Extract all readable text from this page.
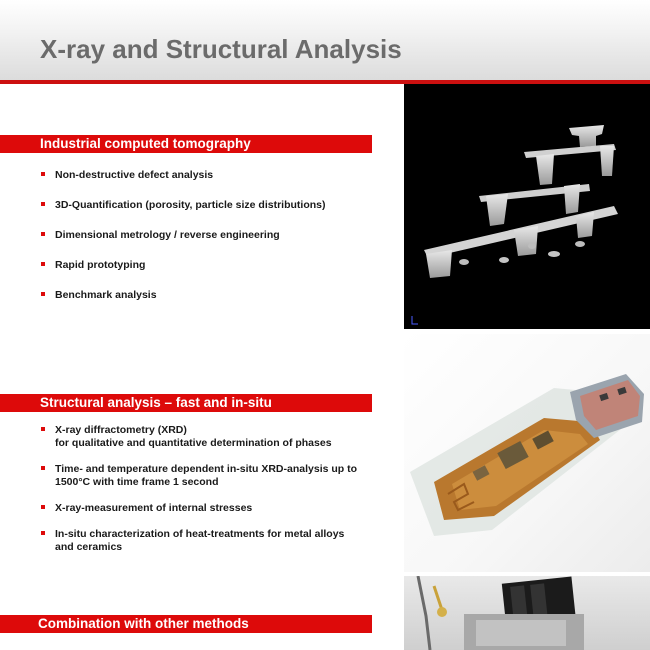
X-ray and Structural Analysis
Industrial computed tomography
Non-destructive defect analysis
3D-Quantification (porosity, particle size distributions)
Dimensional metrology / reverse engineering
Rapid prototyping
Benchmark analysis
Structural analysis – fast and in-situ
X-ray diffractometry (XRD)
for qualitative and quantitative determination of phases
Time- and temperature dependent in-situ XRD-analysis up to
1500°C with time frame 1 second
X-ray-measurement of internal stresses
In-situ characterization of heat-treatments for metal alloys
and ceramics
Combination with other methods
